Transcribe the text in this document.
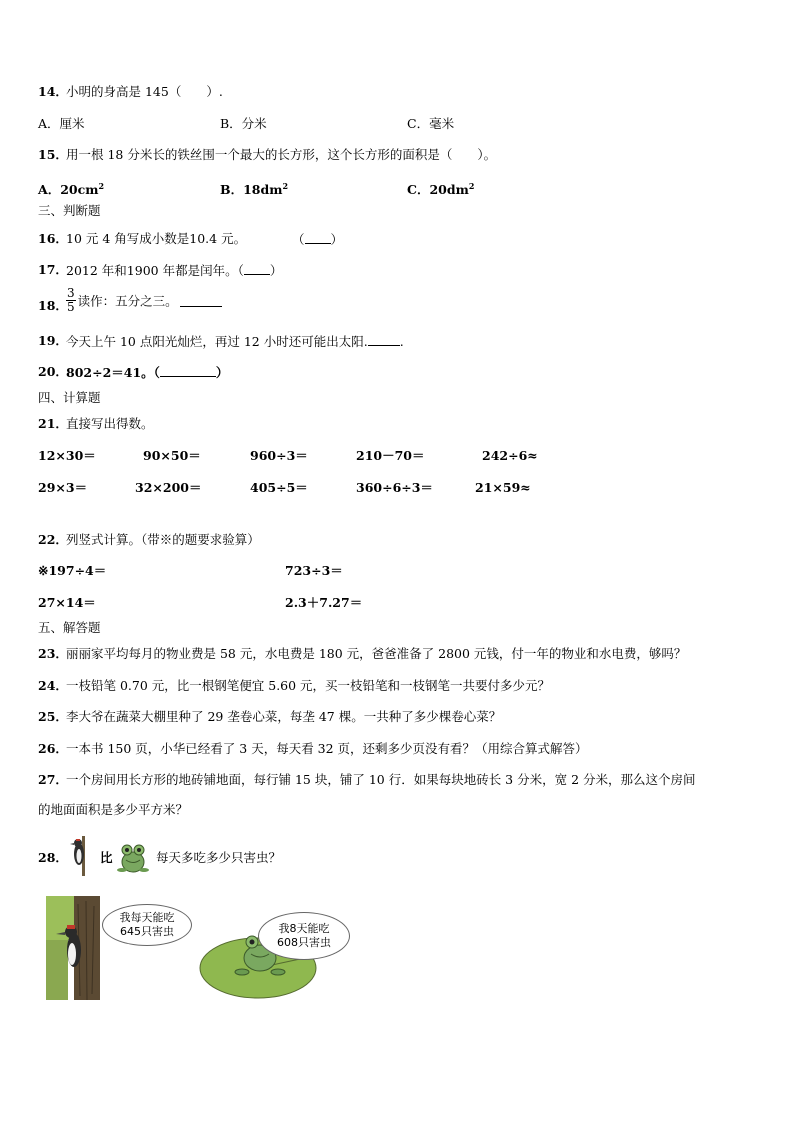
14．
小明的身高是 145（　　）.
A．厘米	B．分米	C．毫米
15．
用一根 18 分米长的铁丝围一个最大的长方形，这个长方形的面积是（　　）。
A．$20cm^2$	B．$18dm^2$	C．$20dm^2$
三、判断题
16．
10 元 4 角写成小数是10.4 元。	（ ）
17．
2012 年和1900 年都是闰年。（ ）
18．
$\frac{3}{5}$ 读作：五分之三。
19．
今天上午 10 点阳光灿烂，再过 12 小时还可能出太阳.	.
20．
802÷2＝41。（	）
四、计算题
21．
直接写出得数。
12×30＝	90×50＝	960÷3＝	210－70＝	242÷6≈
29×3＝	32×200＝	405÷5＝	360÷6÷3＝	21×59≈
22．
列竖式计算。（带※的题要求验算）
※197÷4＝	723÷3＝
27×14＝	2.3＋7.27＝
五、解答题
23．
丽丽家平均每月的物业费是 58 元，水电费是 180 元，爸爸准备了 2800 元钱，付一年的物业和水电费，够吗？
24．
一枝铅笔 0.70 元，比一根钢笔便宜 5.60 元，买一枝铅笔和一枝钢笔一共要付多少元？
25．
李大爷在蔬菜大棚里种了 29 垄卷心菜，每垄 47 棵。一共种了多少棵卷心菜？
26．
一本书 150 页，小华已经看了 3 天，每天看 32 页，还剩多少页没有看？（用综合算式解答）
27．
一个房间用长方形的地砖铺地面，每行铺 15 块，铺了 10 行．如果每块地砖长 3 分米，宽 2 分米，那么这个房间
的地面面积是多少平方米？
28．	比	每天多吃多少只害虫？
我每天能吃
645只害虫	我8天能吃
608只害虫
